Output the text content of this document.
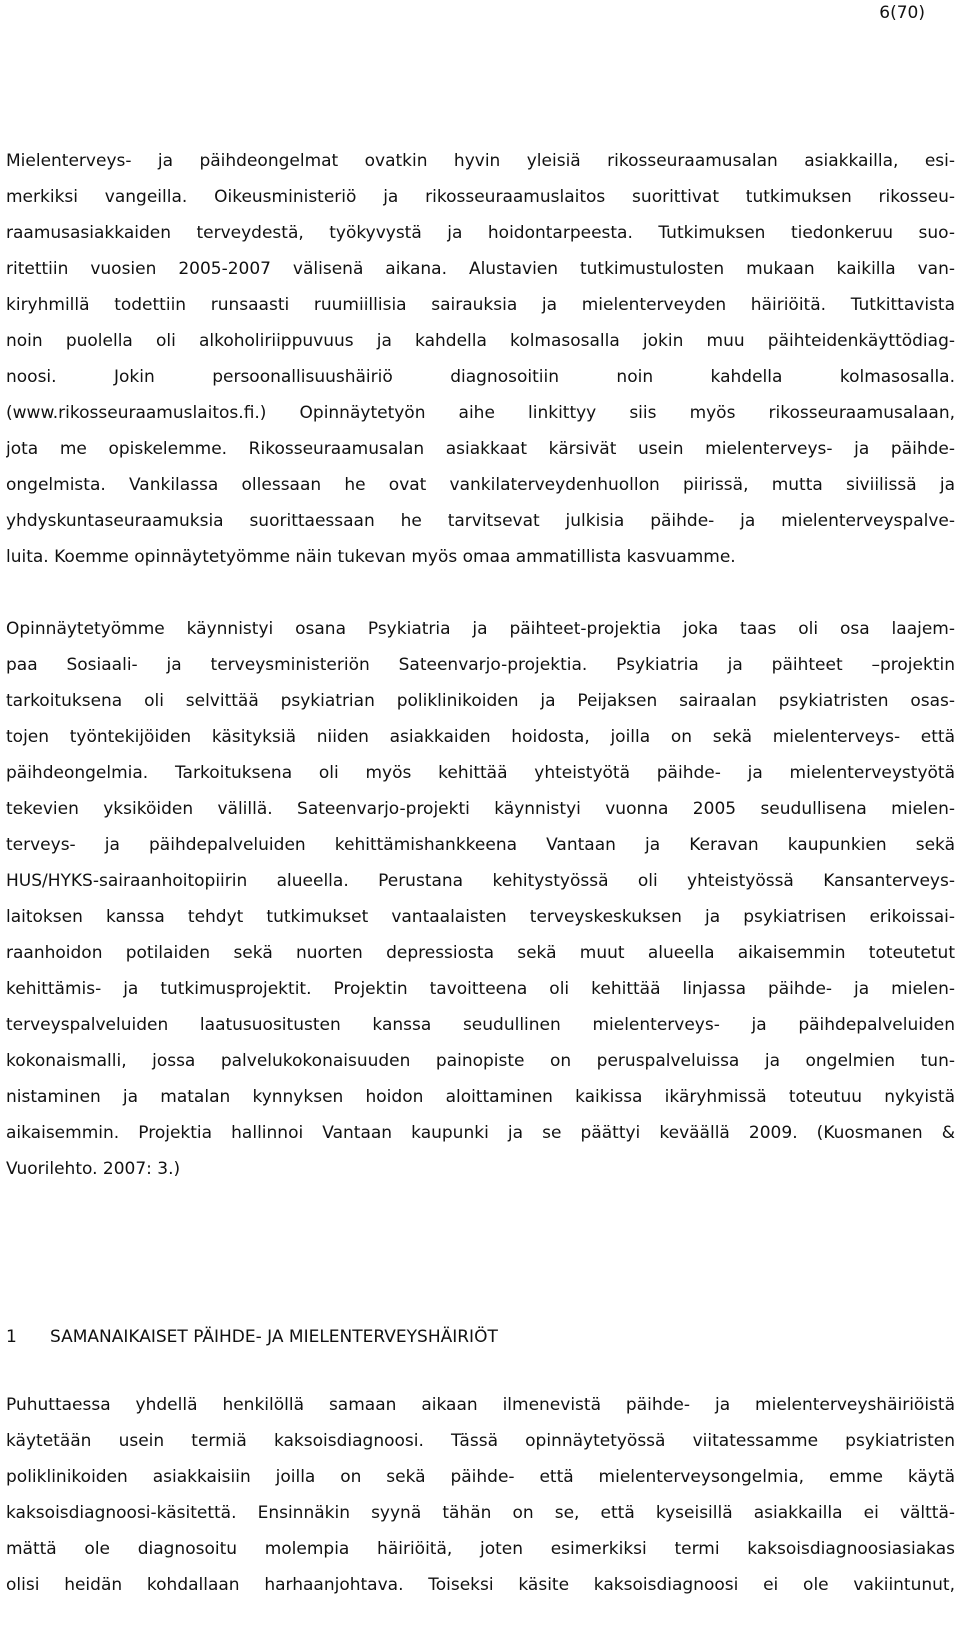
6(70)
Mielenterveys- ja päihdeongelmat ovatkin hyvin yleisiä rikosseuraamusalan asiakkailla, esi-
merkiksi vangeilla. Oikeusministeriö ja rikosseuraamuslaitos suorittivat tutkimuksen rikosseu-
raamusasiakkaiden terveydestä, työkyvystä ja hoidontarpeesta. Tutkimuksen tiedonkeruu suo-
ritettiin vuosien 2005-2007 välisenä aikana. Alustavien tutkimustulosten mukaan kaikilla van-
kiryhmillä todettiin runsaasti ruumiillisia sairauksia ja mielenterveyden häiriöitä. Tutkittavista
noin puolella oli alkoholiriippuvuus ja kahdella kolmasosalla jokin muu päihteidenkäyttödiag-
noosi. Jokin persoonallisuushäiriö diagnosoitiin noin kahdella kolmasosalla.
(www.rikosseuraamuslaitos.fi.) Opinnäytetyön aihe linkittyy siis myös rikosseuraamusalaan,
jota me opiskelemme. Rikosseuraamusalan asiakkaat kärsivät usein mielenterveys- ja päihde-
ongelmista. Vankilassa ollessaan he ovat vankilaterveydenhuollon piirissä, mutta siviilissä ja
yhdyskuntaseuraamuksia suorittaessaan he tarvitsevat julkisia päihde- ja mielenterveyspalve-
luita. Koemme opinnäytetyömme näin tukevan myös omaa ammatillista kasvuamme.
Opinnäytetyömme käynnistyi osana Psykiatria ja päihteet-projektia joka taas oli osa laajem-
paa Sosiaali- ja terveysministeriön Sateenvarjo-projektia. Psykiatria ja päihteet –projektin
tarkoituksena oli selvittää psykiatrian poliklinikoiden ja Peijaksen sairaalan psykiatristen osas-
tojen työntekijöiden käsityksiä niiden asiakkaiden hoidosta, joilla on sekä mielenterveys- että
päihdeongelmia. Tarkoituksena oli myös kehittää yhteistyötä päihde- ja mielenterveystyötä
tekevien yksiköiden välillä. Sateenvarjo-projekti käynnistyi vuonna 2005 seudullisena mielen-
terveys- ja päihdepalveluiden kehittämishankkeena Vantaan ja Keravan kaupunkien sekä
HUS/HYKS-sairaanhoitopiirin alueella. Perustana kehitystyössä oli yhteistyössä Kansanterveys-
laitoksen kanssa tehdyt tutkimukset vantaalaisten terveyskeskuksen ja psykiatrisen erikoissai-
raanhoidon potilaiden sekä nuorten depressiosta sekä muut alueella aikaisemmin toteutetut
kehittämis- ja tutkimusprojektit. Projektin tavoitteena oli kehittää linjassa päihde- ja mielen-
terveyspalveluiden laatusuositusten kanssa seudullinen mielenterveys- ja päihdepalveluiden
kokonaismalli, jossa palvelukokonaisuuden painopiste on peruspalveluissa ja ongelmien tun-
nistaminen ja matalan kynnyksen hoidon aloittaminen kaikissa ikäryhmissä toteutuu nykyistä
aikaisemmin. Projektia hallinnoi Vantaan kaupunki ja se päättyi keväällä 2009. (Kuosmanen &
Vuorilehto. 2007: 3.)
1 SAMANAIKAISET PÄIHDE- JA MIELENTERVEYSHÄIRIÖT
Puhuttaessa yhdellä henkilöllä samaan aikaan ilmenevistä päihde- ja mielenterveyshäiriöistä
käytetään usein termiä kaksoisdiagnoosi. Tässä opinnäytetyössä viitatessamme psykiatristen
poliklinikoiden asiakkaisiin joilla on sekä päihde- että mielenterveysongelmia, emme käytä
kaksoisdiagnoosi-käsitettä. Ensinnäkin syynä tähän on se, että kyseisillä asiakkailla ei välttä-
mättä ole diagnosoitu molempia häiriöitä, joten esimerkiksi termi kaksoisdiagnoosiasiakas
olisi heidän kohdallaan harhaanjohtava. Toiseksi käsite kaksoisdiagnoosi ei ole vakiintunut,
